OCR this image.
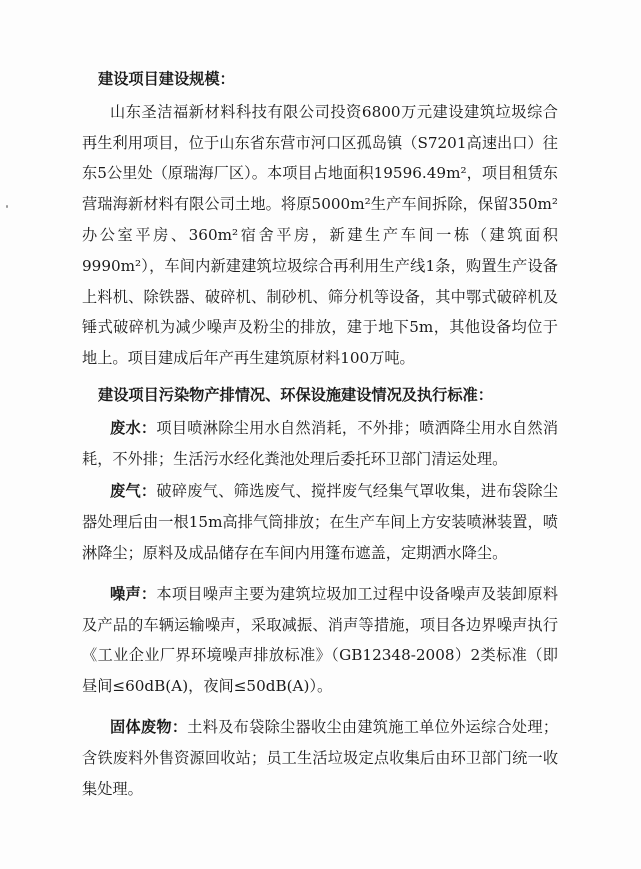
建设项目建设规模：

山东圣洁福新材料科技有限公司投资6800万元建设建筑垃圾综合再生利用项目，位于山东省东营市河口区孤岛镇（S7201高速出口）往东5公里处（原瑞海厂区）。本项目占地面积19596.49m²，项目租赁东营瑞海新材料有限公司土地。将原5000m²生产车间拆除，保留350m²办公室平房、360m²宿舍平房，新建生产车间一栋（建筑面积9990m²），车间内新建建筑垃圾综合再利用生产线1条，购置生产设备上料机、除铁器、破碎机、制砂机、筛分机等设备，其中鄂式破碎机及锤式破碎机为减少噪声及粉尘的排放，建于地下5m，其他设备均位于地上。项目建成后年产再生建筑原材料100万吨。

建设项目污染物产排情况、环保设施建设情况及执行标准：

废水：项目喷淋除尘用水自然消耗，不外排；喷洒降尘用水自然消耗，不外排；生活污水经化粪池处理后委托环卫部门清运处理。

废气：破碎废气、筛选废气、搅拌废气经集气罩收集，进布袋除尘器处理后由一根15m高排气筒排放；在生产车间上方安装喷淋装置，喷淋降尘；原料及成品储存在车间内用篷布遮盖，定期洒水降尘。

噪声：本项目噪声主要为建筑垃圾加工过程中设备噪声及装卸原料及产品的车辆运输噪声，采取减振、消声等措施，项目各边界噪声执行《工业企业厂界环境噪声排放标准》（GB12348-2008）2类标准（即昼间≤60dB(A)，夜间≤50dB(A)）。

固体废物：土料及布袋除尘器收尘由建筑施工单位外运综合处理；含铁废料外售资源回收站；员工生活垃圾定点收集后由环卫部门统一收集处理。
